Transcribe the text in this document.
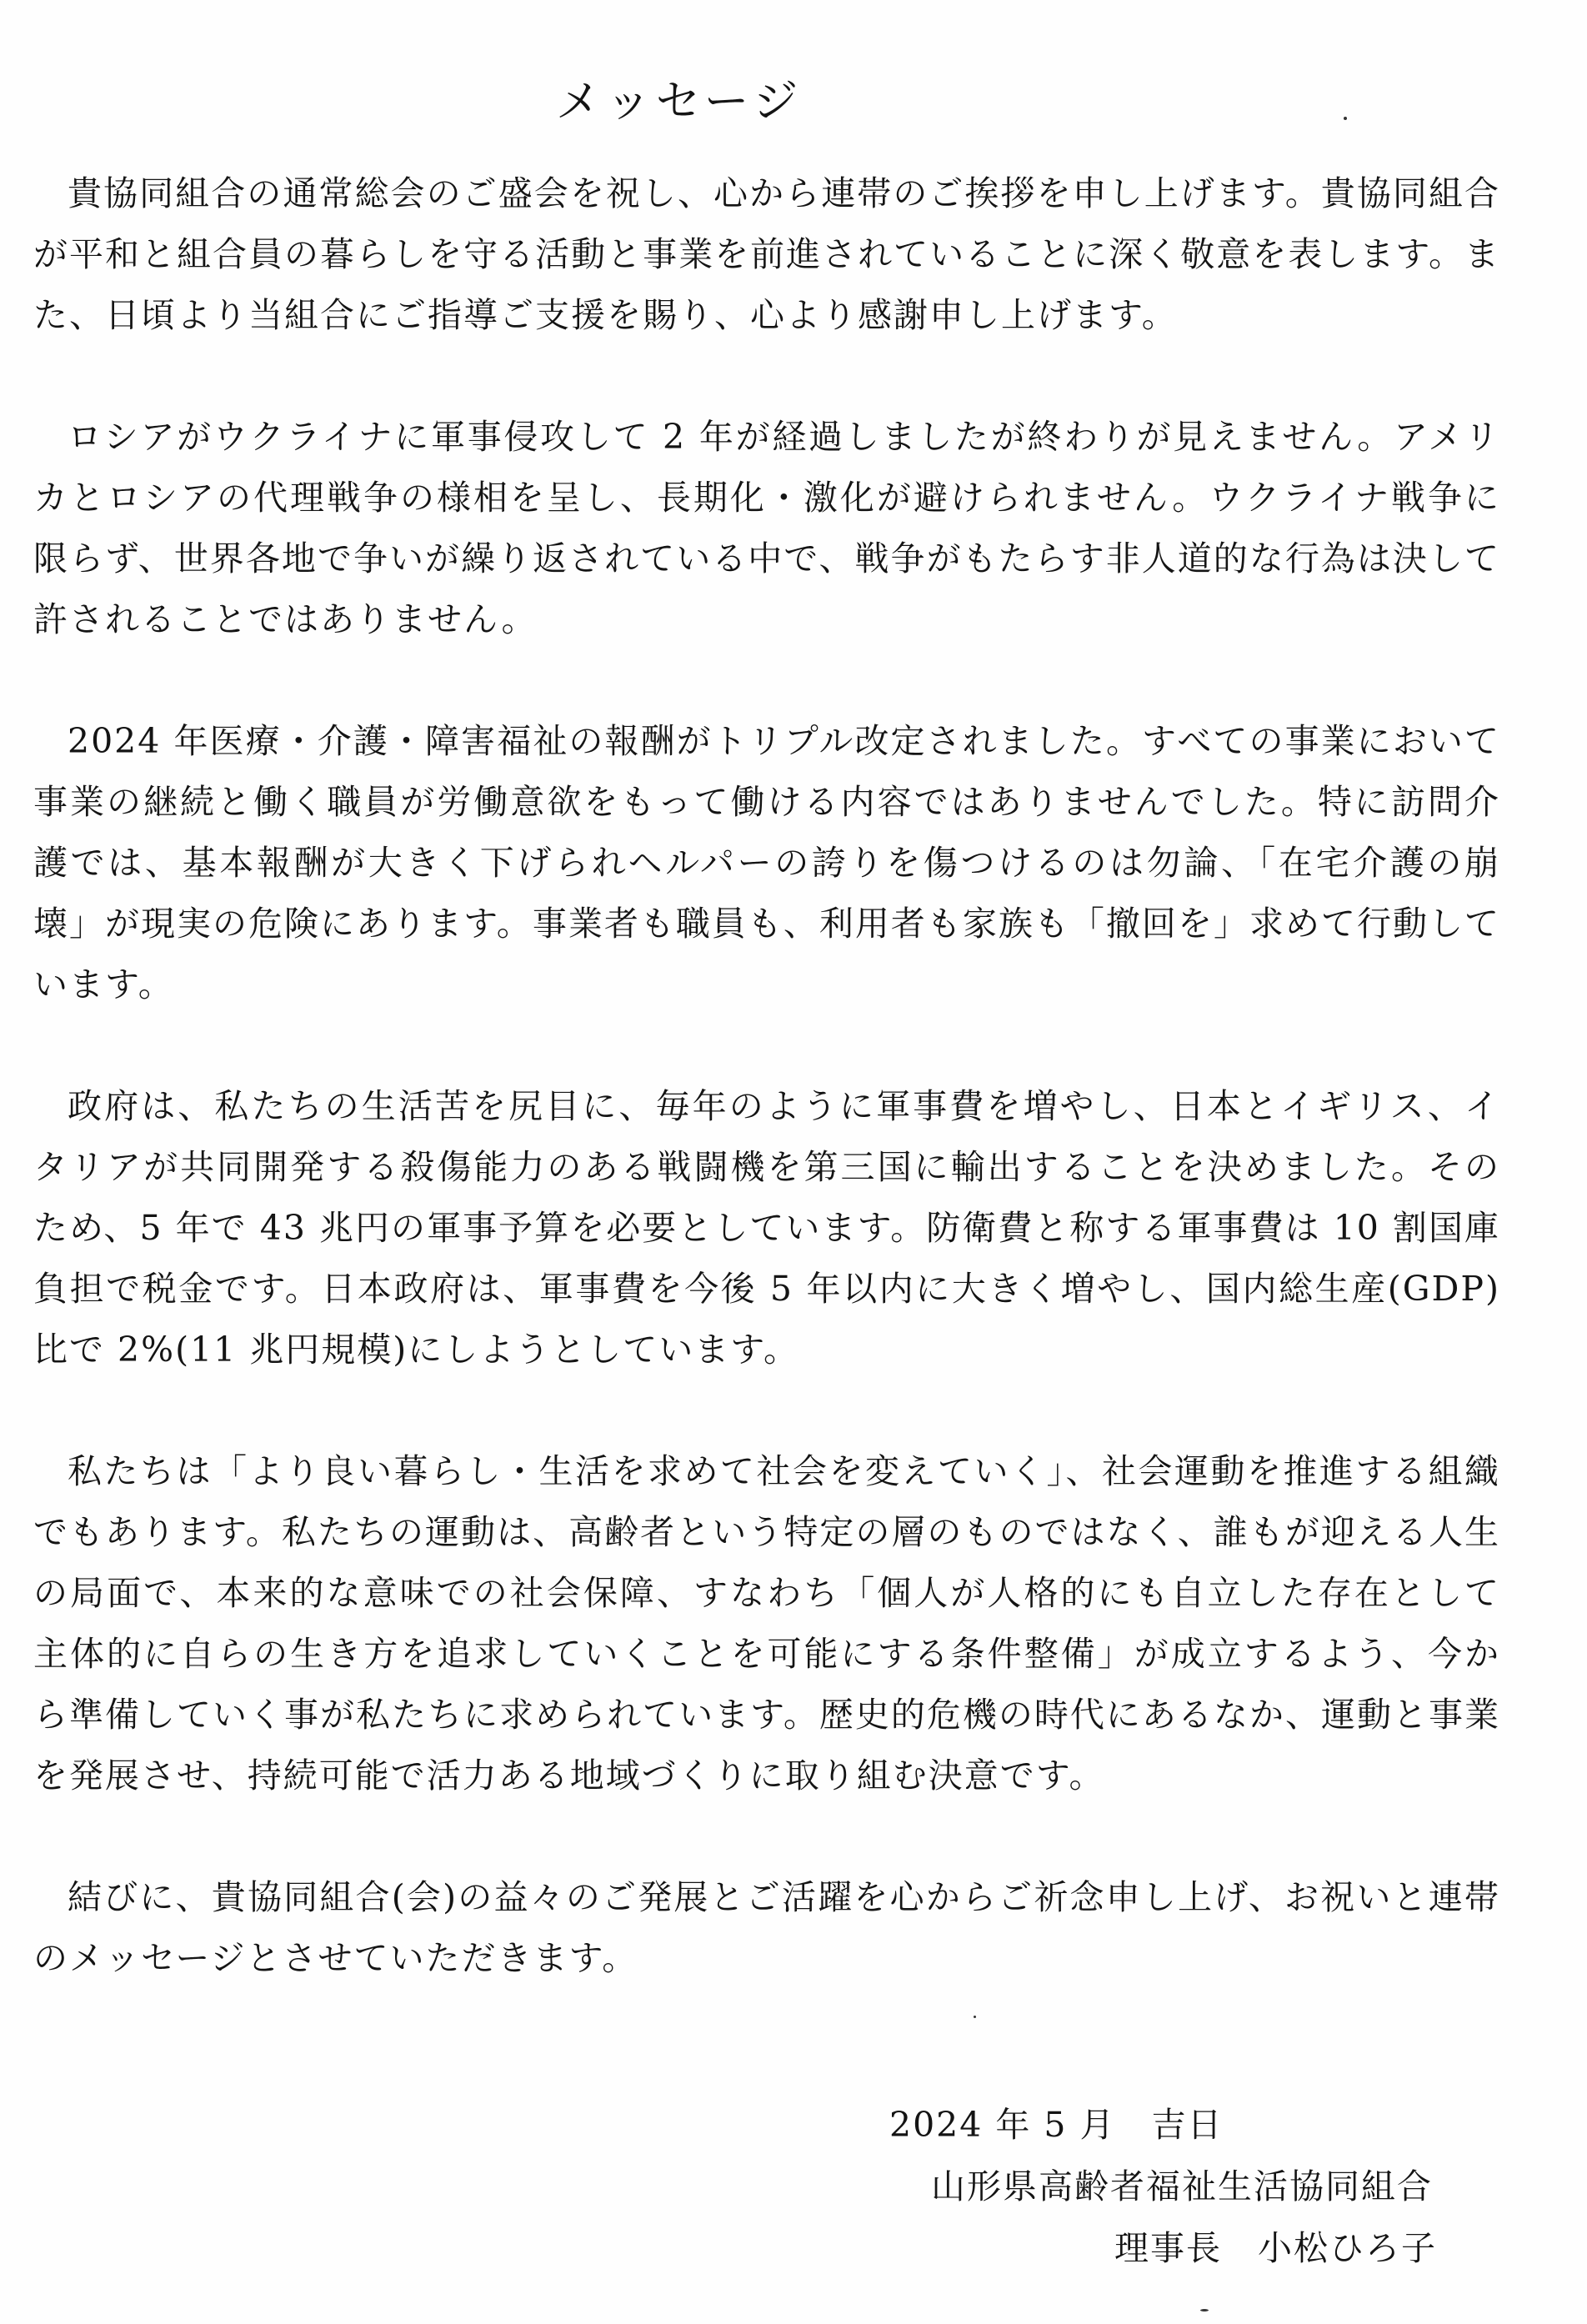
メッセージ

貴協同組合の通常総会のご盛会を祝し、心から連帯のご挨拶を申し上げます。貴協同組合が平和と組合員の暮らしを守る活動と事業を前進されていることに深く敬意を表します。また、日頃より当組合にご指導ご支援を賜り、心より感謝申し上げます。

ロシアがウクライナに軍事侵攻して 2 年が経過しましたが終わりが見えません。アメリカとロシアの代理戦争の様相を呈し、長期化・激化が避けられません。ウクライナ戦争に限らず、世界各地で争いが繰り返されている中で、戦争がもたらす非人道的な行為は決して許されることではありません。

2024 年医療・介護・障害福祉の報酬がトリプル改定されました。すべての事業において事業の継続と働く職員が労働意欲をもって働ける内容ではありませんでした。特に訪問介護では、基本報酬が大きく下げられヘルパーの誇りを傷つけるのは勿論、「在宅介護の崩壊」が現実の危険にあります。事業者も職員も、利用者も家族も「撤回を」求めて行動しています。

政府は、私たちの生活苦を尻目に、毎年のように軍事費を増やし、日本とイギリス、イタリアが共同開発する殺傷能力のある戦闘機を第三国に輸出することを決めました。そのため、5 年で 43 兆円の軍事予算を必要としています。防衛費と称する軍事費は 10 割国庫負担で税金です。日本政府は、軍事費を今後 5 年以内に大きく増やし、国内総生産(GDP)比で 2%(11 兆円規模)にしようとしています。

私たちは「より良い暮らし・生活を求めて社会を変えていく」、社会運動を推進する組織でもあります。私たちの運動は、高齢者という特定の層のものではなく、誰もが迎える人生の局面で、本来的な意味での社会保障、すなわち「個人が人格的にも自立した存在として主体的に自らの生き方を追求していくことを可能にする条件整備」が成立するよう、今から準備していく事が私たちに求められています。歴史的危機の時代にあるなか、運動と事業を発展させ、持続可能で活力ある地域づくりに取り組む決意です。

結びに、貴協同組合(会)の益々のご発展とご活躍を心からご祈念申し上げ、お祝いと連帯のメッセージとさせていただきます。

2024 年 5 月　吉日
山形県高齢者福祉生活協同組合
理事長　小松ひろ子
